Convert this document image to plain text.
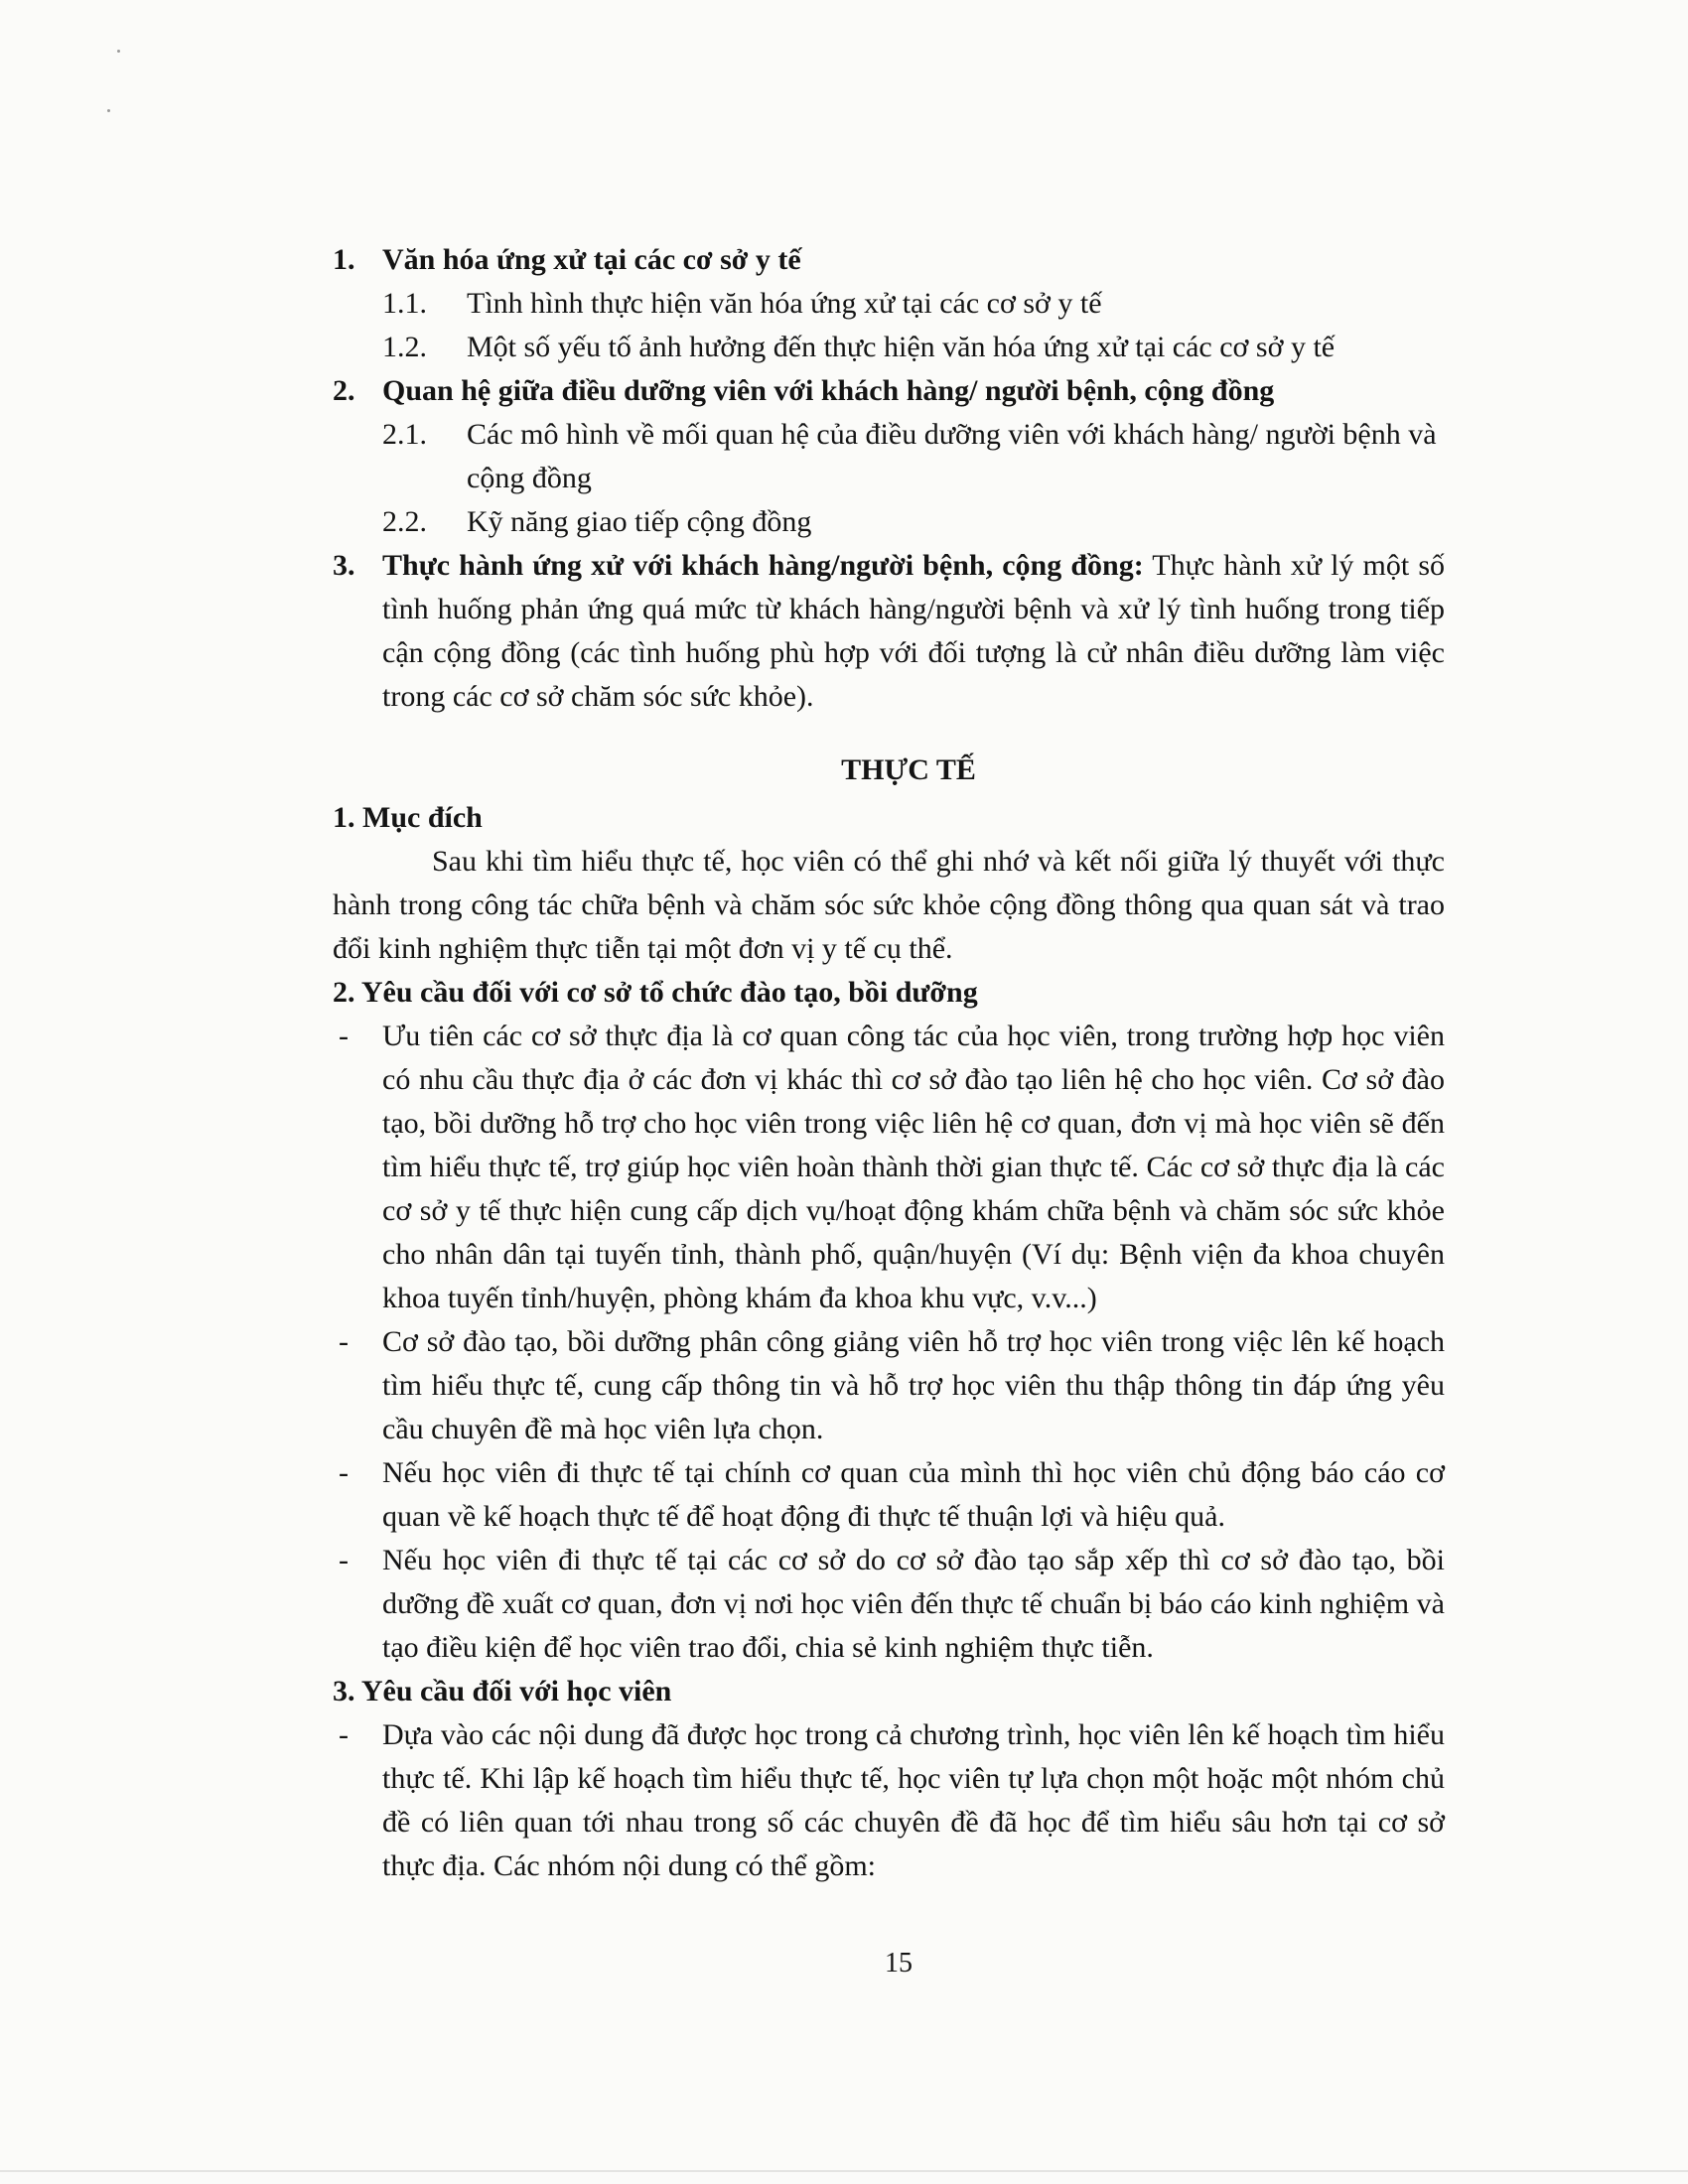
1. Văn hóa ứng xử tại các cơ sở y tế
1.1. Tình hình thực hiện văn hóa ứng xử tại các cơ sở y tế
1.2. Một số yếu tố ảnh hưởng đến thực hiện văn hóa ứng xử tại các cơ sở y tế
2. Quan hệ giữa điều dưỡng viên với khách hàng/ người bệnh, cộng đồng
2.1. Các mô hình về mối quan hệ của điều dưỡng viên với khách hàng/ người bệnh và cộng đồng
2.2. Kỹ năng giao tiếp cộng đồng
3. Thực hành ứng xử với khách hàng/người bệnh, cộng đồng: Thực hành xử lý một số tình huống phản ứng quá mức từ khách hàng/người bệnh và xử lý tình huống trong tiếp cận cộng đồng (các tình huống phù hợp với đối tượng là cử nhân điều dưỡng làm việc trong các cơ sở chăm sóc sức khỏe).
THỰC TẾ
1. Mục đích
Sau khi tìm hiểu thực tế, học viên có thể ghi nhớ và kết nối giữa lý thuyết với thực hành trong công tác chữa bệnh và chăm sóc sức khỏe cộng đồng thông qua quan sát và trao đổi kinh nghiệm thực tiễn tại một đơn vị y tế cụ thể.
2. Yêu cầu đối với cơ sở tổ chức đào tạo, bồi dưỡng
- Ưu tiên các cơ sở thực địa là cơ quan công tác của học viên, trong trường hợp học viên có nhu cầu thực địa ở các đơn vị khác thì cơ sở đào tạo liên hệ cho học viên. Cơ sở đào tạo, bồi dưỡng hỗ trợ cho học viên trong việc liên hệ cơ quan, đơn vị mà học viên sẽ đến tìm hiểu thực tế, trợ giúp học viên hoàn thành thời gian thực tế. Các cơ sở thực địa là các cơ sở y tế thực hiện cung cấp dịch vụ/hoạt động khám chữa bệnh và chăm sóc sức khỏe cho nhân dân tại tuyến tỉnh, thành phố, quận/huyện (Ví dụ: Bệnh viện đa khoa chuyên khoa tuyến tỉnh/huyện, phòng khám đa khoa khu vực, v.v...)
- Cơ sở đào tạo, bồi dưỡng phân công giảng viên hỗ trợ học viên trong việc lên kế hoạch tìm hiểu thực tế, cung cấp thông tin và hỗ trợ học viên thu thập thông tin đáp ứng yêu cầu chuyên đề mà học viên lựa chọn.
- Nếu học viên đi thực tế tại chính cơ quan của mình thì học viên chủ động báo cáo cơ quan về kế hoạch thực tế để hoạt động đi thực tế thuận lợi và hiệu quả.
- Nếu học viên đi thực tế tại các cơ sở do cơ sở đào tạo sắp xếp thì cơ sở đào tạo, bồi dưỡng đề xuất cơ quan, đơn vị nơi học viên đến thực tế chuẩn bị báo cáo kinh nghiệm và tạo điều kiện để học viên trao đổi, chia sẻ kinh nghiệm thực tiễn.
3. Yêu cầu đối với học viên
- Dựa vào các nội dung đã được học trong cả chương trình, học viên lên kế hoạch tìm hiểu thực tế. Khi lập kế hoạch tìm hiểu thực tế, học viên tự lựa chọn một hoặc một nhóm chủ đề có liên quan tới nhau trong số các chuyên đề đã học để tìm hiểu sâu hơn tại cơ sở thực địa. Các nhóm nội dung có thể gồm:
15
